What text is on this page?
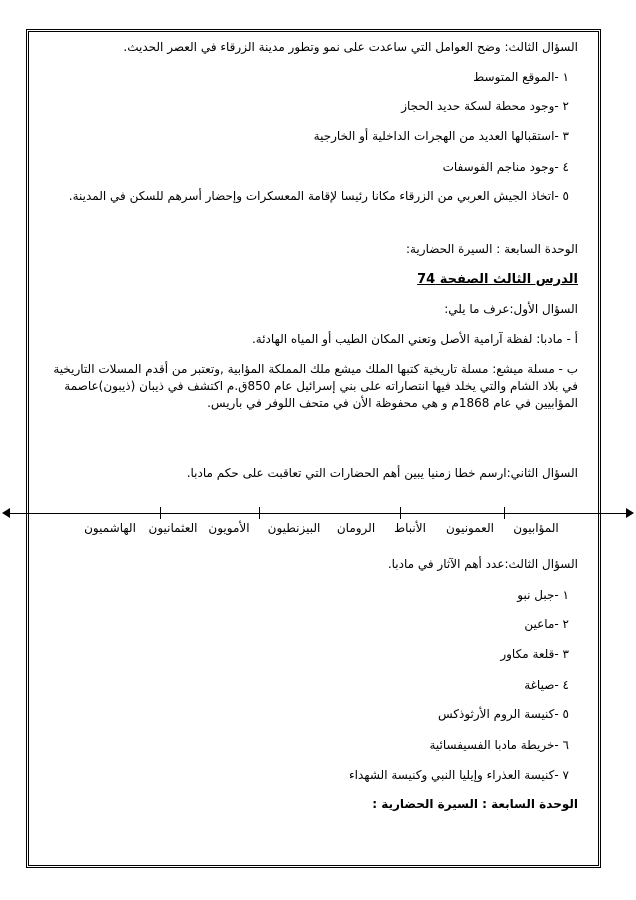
السؤال الثالث: وضح العوامل التي ساعدت على نمو وتطور مدينة الزرقاء في العصر الحديث.
١ -الموقع المتوسط
٢ -وجود محطة لسكة حديد الحجاز
٣ -استقبالها العديد من الهجرات الداخلية أو الخارجية
٤ -وجود مناجم الفوسفات
٥ -اتخاذ الجيش العربي من الزرقاء مكانا رئيسا لإقامة المعسكرات وإحضار أسرهم للسكن في المدينة.
الوحدة السابعة : السيرة الحضارية:
الدرس الثالث الصفحة 74
السؤال الأول:عرف ما يلي:
أ - مادبا: لفظة آرامية الأصل وتعني المكان الطيب أو المياه الهادئة.
ب - مسلة ميشع: مسلة تاريخية كتبها الملك ميشع ملك المملكة المؤابية ,وتعتبر من أقدم المسلات التاريخية في بلاد الشام والتي يخلد فيها انتصاراته على بني إسرائيل عام 850ق.م اكتشف في ذيبان (ذيبون)عاصمة المؤابيين في عام 1868م و هي محفوظة الأن في متحف اللوفر في باريس.
السؤال الثاني:ارسم خطا زمنيا يبين أهم الحضارات التي تعاقبت على حكم مادبا.
المؤابيون
العمونيون
الأنباط
الرومان
البيزنطيون
الأمويون
العثمانيون
الهاشميون
السؤال الثالث:عدد أهم الآثار في مادبا.
١ -جبل نبو
٢ -ماعين
٣ -قلعة مكاور
٤ -صياغة
٥ -كنيسة الروم الأرثوذكس
٦ -خريطة مادبا الفسيفسائية
٧ -كنيسة العذراء وإيليا النبي وكنيسة الشهداء
الوحدة السابعة : السيرة الحضارية :
